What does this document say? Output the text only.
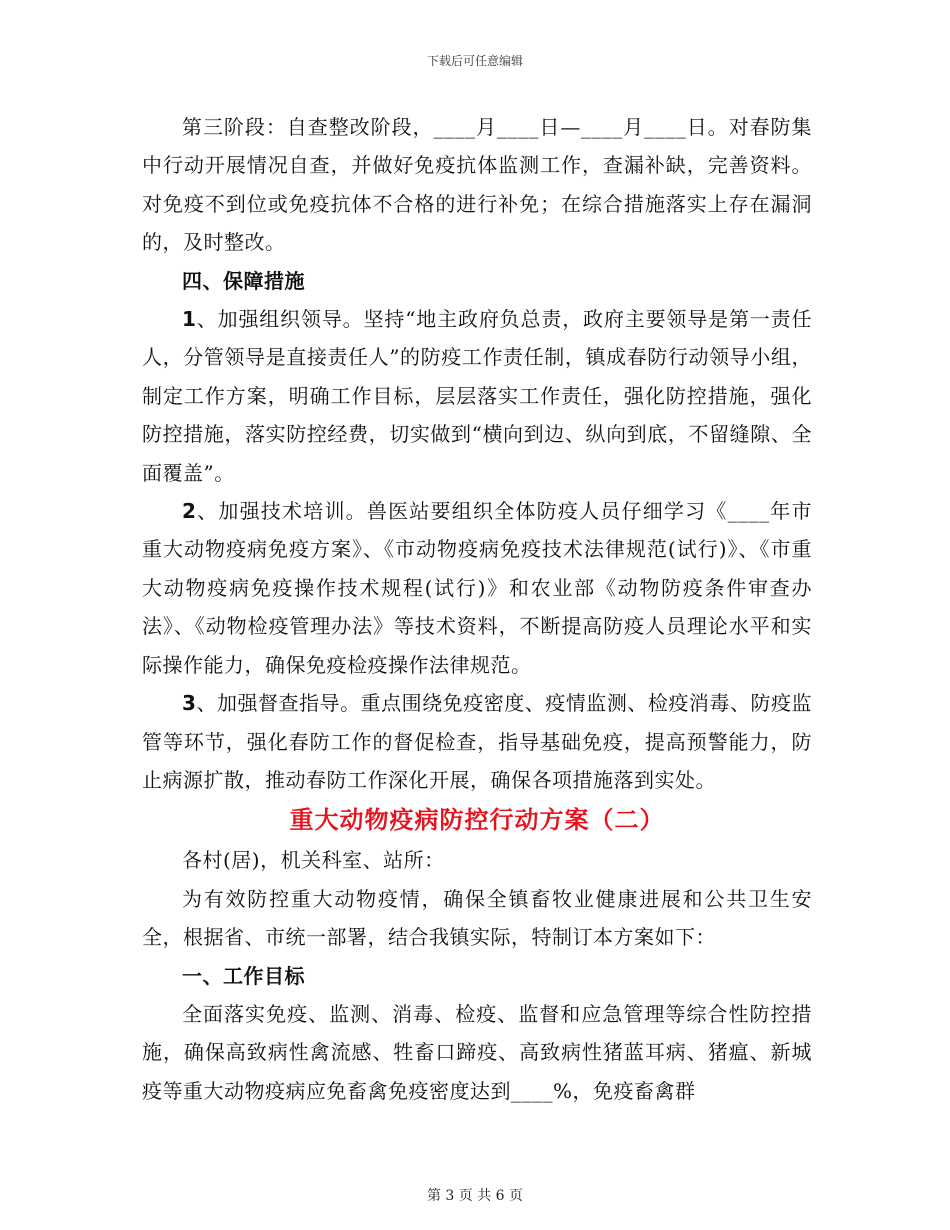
下载后可任意编辑

第三阶段：自查整改阶段，____月____日—____月____日。对春防集中行动开展情况自查，并做好免疫抗体监测工作，查漏补缺，完善资料。对免疫不到位或免疫抗体不合格的进行补免；在综合措施落实上存在漏洞的，及时整改。

四、保障措施

1、加强组织领导。坚持“地主政府负总责，政府主要领导是第一责任人，分管领导是直接责任人”的防疫工作责任制，镇成春防行动领导小组，制定工作方案，明确工作目标，层层落实工作责任，强化防控措施，强化防控措施，落实防控经费，切实做到“横向到边、纵向到底，不留缝隙、全面覆盖”。

2、加强技术培训。兽医站要组织全体防疫人员仔细学习《____年市重大动物疫病免疫方案》、《市动物疫病免疫技术法律规范(试行)》、《市重大动物疫病免疫操作技术规程(试行)》和农业部《动物防疫条件审查办法》、《动物检疫管理办法》等技术资料，不断提高防疫人员理论水平和实际操作能力，确保免疫检疫操作法律规范。

3、加强督查指导。重点围绕免疫密度、疫情监测、检疫消毒、防疫监管等环节，强化春防工作的督促检查，指导基础免疫，提高预警能力，防止病源扩散，推动春防工作深化开展，确保各项措施落到实处。

重大动物疫病防控行动方案（二）

各村(居)，机关科室、站所：

为有效防控重大动物疫情，确保全镇畜牧业健康进展和公共卫生安全，根据省、市统一部署，结合我镇实际，特制订本方案如下：

一、工作目标

全面落实免疫、监测、消毒、检疫、监督和应急管理等综合性防控措施，确保高致病性禽流感、牲畜口蹄疫、高致病性猪蓝耳病、猪瘟、新城疫等重大动物疫病应免畜禽免疫密度达到____%，免疫畜禽群

第 3 页 共 6 页
